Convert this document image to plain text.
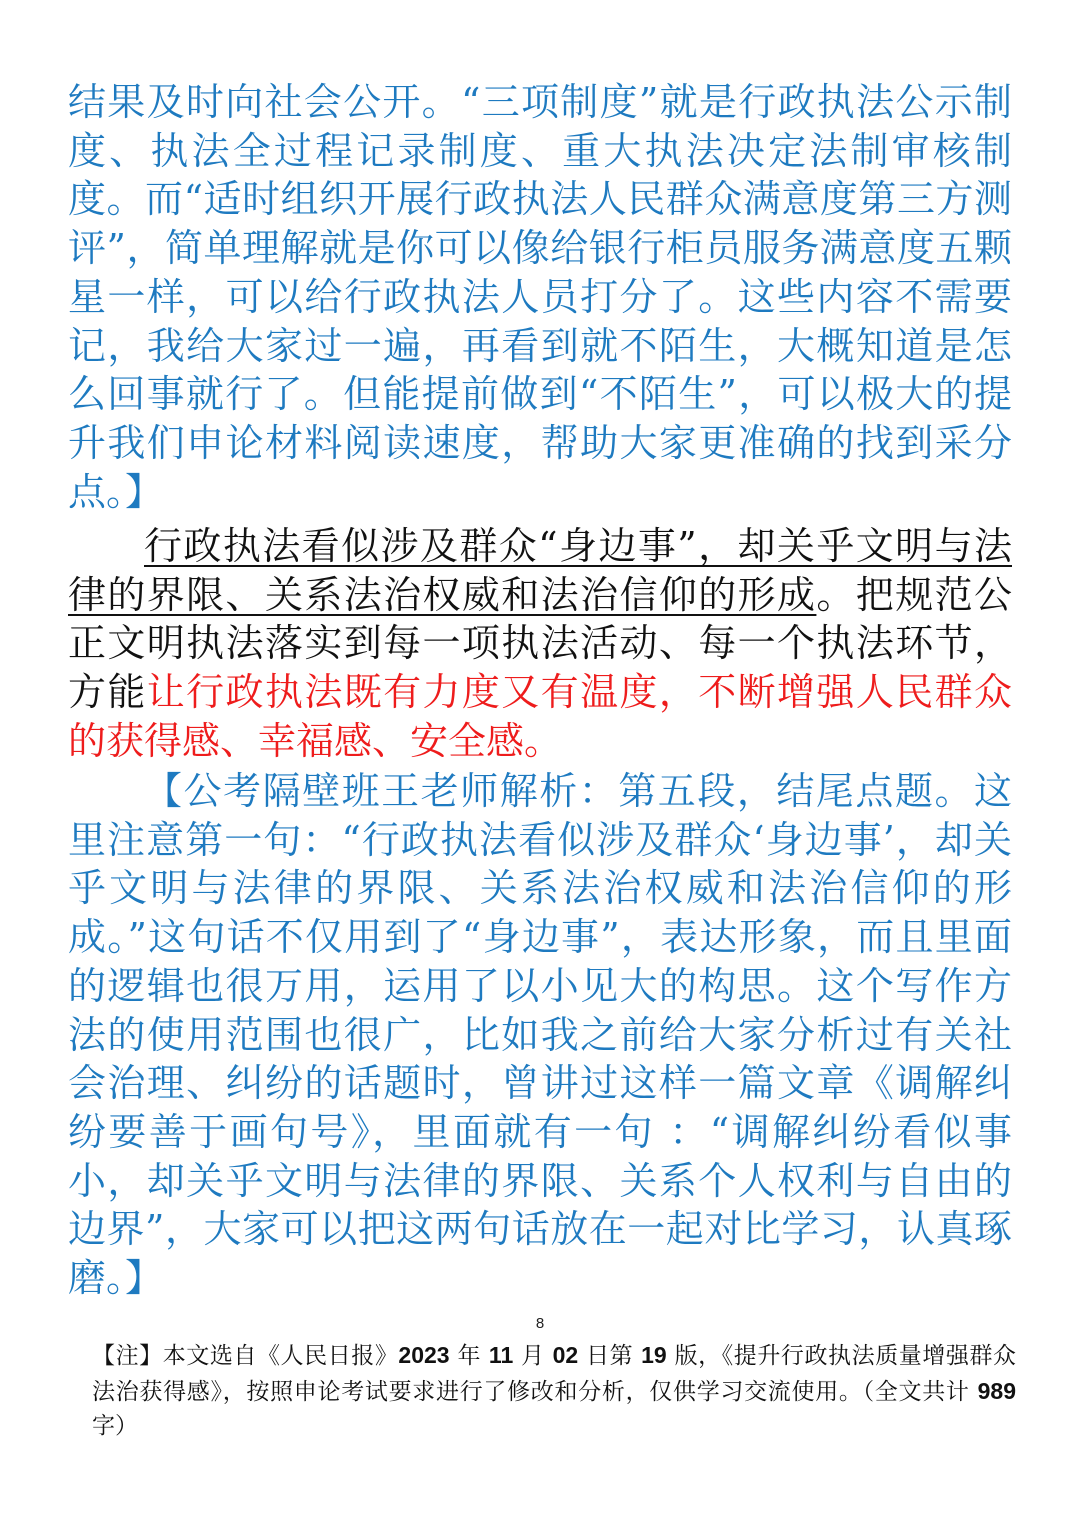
结果及时向社会公开。“三项制度”就是行政执法公示制度、执法全过程记录制度、重大执法决定法制审核制度。而“适时组织开展行政执法人民群众满意度第三方测评”，简单理解就是你可以像给银行柜员服务满意度五颗星一样，可以给行政执法人员打分了。这些内容不需要记，我给大家过一遍，再看到就不陌生，大概知道是怎么回事就行了。但能提前做到“不陌生”，可以极大的提升我们申论材料阅读速度，帮助大家更准确的找到采分点。】

行政执法看似涉及群众“身边事”，却关乎文明与法律的界限、关系法治权威和法治信仰的形成。把规范公正文明执法落实到每一项执法活动、每一个执法环节，方能让行政执法既有力度又有温度，不断增强人民群众的获得感、幸福感、安全感。

【公考隔壁班王老师解析：第五段，结尾点题。这里注意第一句：“行政执法看似涉及群众‘身边事’，却关乎文明与法律的界限、关系法治权威和法治信仰的形成。”这句话不仅用到了“身边事”，表达形象，而且里面的逻辑也很万用，运用了以小见大的构思。这个写作方法的使用范围也很广，比如我之前给大家分析过有关社会治理、纠纷的话题时，曾讲过这样一篇文章《调解纠纷要善于画句号》，里面就有一句 ：“调解纠纷看似事小，却关乎文明与法律的界限、关系个人权利与自由的边界”，大家可以把这两句话放在一起对比学习，认真琢磨。】

8

【注】本文选自《人民日报》2023 年 11 月 02 日第 19 版，《提升行政执法质量增强群众法治获得感》，按照申论考试要求进行了修改和分析，仅供学习交流使用。（全文共计 989 字）
